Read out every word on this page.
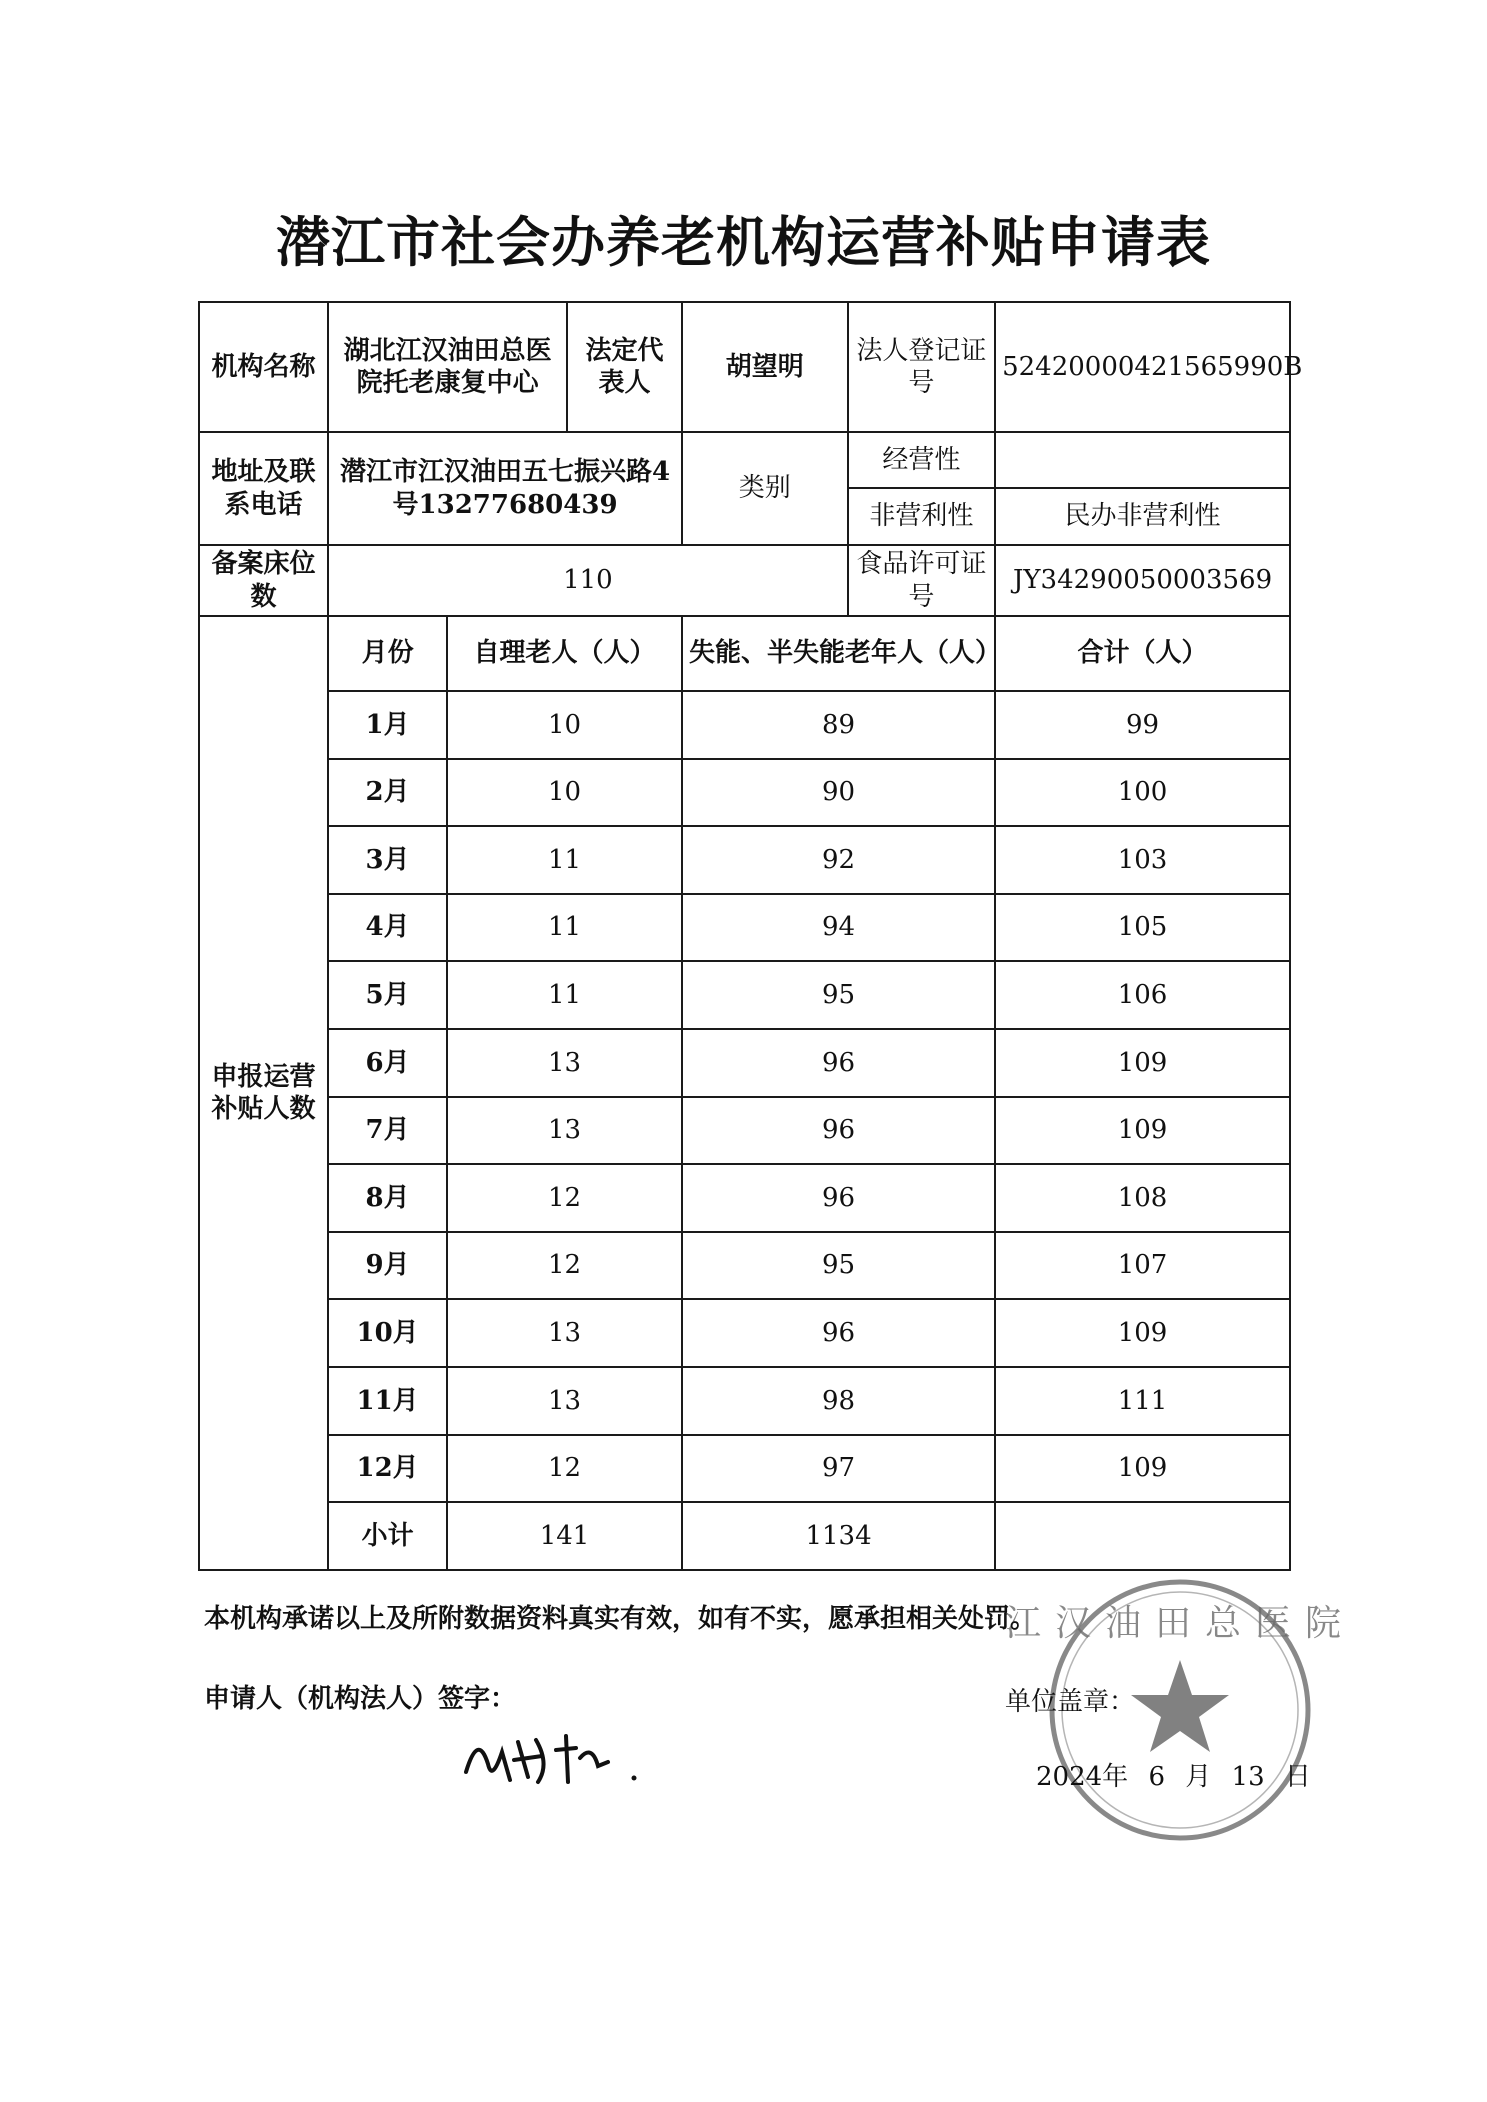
潜江市社会办养老机构运营补贴申请表
机构名称	湖北江汉油田总医院托老康复中心		法定代表人	胡望明	法人登记证号	52420000421565990B
地址及联系电话	潜江市江汉油田五七振兴路4号13277680439			类别	经营性	
					非营利性	民办非营利性
备案床位数	110				食品许可证号	JY34290050003569
申报运营补贴人数	月份	自理老人（人）		失能、半失能老年人（人）		合计（人）
	1月	10		89		99
	2月	10		90		100
	3月	11		92		103
	4月	11		94		105
	5月	11		95		106
	6月	13		96		109
	7月	13		96		109
	8月	12		96		108
	9月	12		95		107
	10月	13		96		109
	11月	13		98		111
	12月	12		97		109
	小计	141		1134		
江汉油田总医院
本机构承诺以上及所附数据资料真实有效，如有不实，愿承担相关处罚。
申请人（机构法人）签字：	单位盖章：
2024年 6 月 13 日
